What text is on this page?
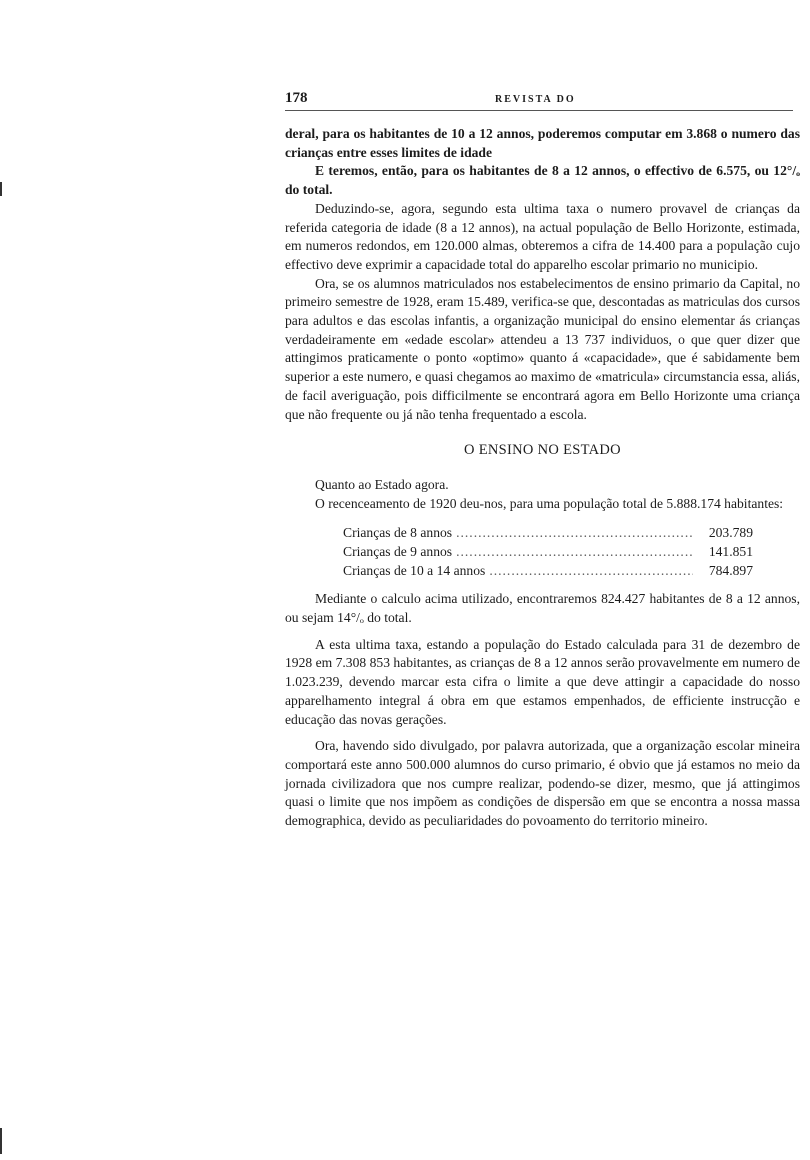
178	REVISTA DO

deral, para os habitantes de 10 a 12 annos, poderemos computar em 3.868 o numero das crianças entre esses limites de idade

E teremos, então, para os habitantes de 8 a 12 annos, o effectivo de 6.575, ou 12°/ₒ do total.

Deduzindo-se, agora, segundo esta ultima taxa o numero provavel de crianças da referida categoria de idade (8 a 12 annos), na actual população de Bello Horizonte, estimada, em numeros redondos, em 120.000 almas, obteremos a cifra de 14.400 para a população cujo effectivo deve exprimir a capacidade total do apparelho escolar primario no municipio.

Ora, se os alumnos matriculados nos estabelecimentos de ensino primario da Capital, no primeiro semestre de 1928, eram 15.489, verifica-se que, descontadas as matriculas dos cursos para adultos e das escolas infantis, a organização municipal do ensino elementar ás crianças verdadeiramente em «edade escolar» attendeu a 13 737 individuos, o que quer dizer que attingimos praticamente o ponto «optimo» quanto á «capacidade», que é sabidamente bem superior a este numero, e quasi chegamos ao maximo de «matricula» circumstancia essa, aliás, de facil averiguação, pois difficilmente se encontrará agora em Bello Horizonte uma criança que não frequente ou já não tenha frequentado a escola.

O ENSINO NO ESTADO

Quanto ao Estado agora.

O recenceamento de 1920 deu-nos, para uma população total de 5.888.174 habitantes:

Crianças de 8 annos .....	203.789
Crianças de 9 annos .....	141.851
Crianças de 10 a 14 annos .....	784.897

Mediante o calculo acima utilizado, encontraremos 824.427 habitantes de 8 a 12 annos, ou sejam 14°/ₒ do total.

A esta ultima taxa, estando a população do Estado calculada para 31 de dezembro de 1928 em 7.308 853 habitantes, as crianças de 8 a 12 annos serão provavelmente em numero de 1.023.239, devendo marcar esta cifra o limite a que deve attingir a capacidade do nosso apparelhamento integral á obra em que estamos empenhados, de efficiente instrucção e educação das novas gerações.

Ora, havendo sido divulgado, por palavra autorizada, que a organização escolar mineira comportará este anno 500.000 alumnos do curso primario, é obvio que já estamos no meio da jornada civilizadora que nos cumpre realizar, podendo-se dizer, mesmo, que já attingimos quasi o limite que nos impõem as condições de dispersão em que se encontra a nossa massa demographica, devido as peculiaridades do povoamento do territorio mineiro.
